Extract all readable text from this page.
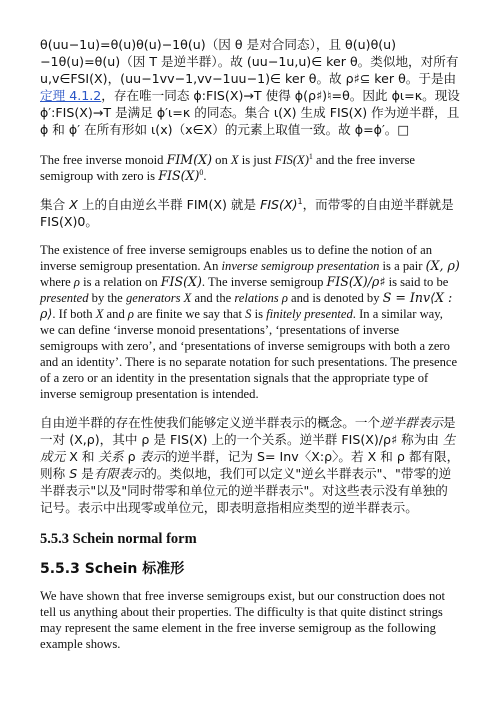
θ(uu−1u)=θ(u)θ(u)−1θ(u)（因 θ 是对合同态），且 θ(u)θ(u)−1θ(u)=θ(u)（因 T 是逆半群）。故 (uu−1u,u)∈ ker θ。类似地，对所有 u,v∈FSI(X)，(uu−1vv−1,vv−1uu−1)∈ ker θ。故 ρ♯⊆ ker θ。于是由 定理 4.1.2，存在唯一同态 ϕ:FIS(X)→T 使得 ϕ(ρ♯)♮=θ。因此 ϕι=κ。现设 ϕ′:FIS(X)→T 是满足 ϕ′ι=κ 的同态。集合 ι(X) 生成 FIS(X) 作为逆半群，且 ϕ 和 ϕ′ 在所有形如 ι(x)（x∈X）的元素上取值一致。故 ϕ=ϕ′。□

The free inverse monoid FIM(X) on X is just $FIS(X)^1$ and the free inverse semigroup with zero is $FIS(X)^0$.

集合 X 上的自由逆幺半群 FIM(X) 就是 $FIS(X)^1$，而带零的自由逆半群就是 FIS(X)0。

The existence of free inverse semigroups enables us to define the notion of an inverse semigroup presentation. An inverse semigroup presentation is a pair (X, ρ) where ρ is a relation on FIS(X). The inverse semigroup FIS(X)/ρ♯ is said to be presented by the generators X and the relations ρ and is denoted by S = Inv⟨X : ρ⟩. If both X and ρ are finite we say that S is finitely presented. In a similar way, we can define ‘inverse monoid presentations’, ‘presentations of inverse semigroups with zero’, and ‘presentations of inverse semigroups with both a zero and an identity’. There is no separate notation for such presentations. The presence of a zero or an identity in the presentation signals that the appropriate type of inverse semigroup presentation is intended.

自由逆半群的存在性使我们能够定义逆半群表示的概念。一个逆半群表示是一对 (X,ρ)，其中 ρ 是 FIS(X) 上的一个关系。逆半群 FIS(X)/ρ♯ 称为由 生成元 X 和 关系 ρ 表示的逆半群，记为 S= Inv〈X:ρ〉。若 X 和 ρ 都有限，则称 S 是有限表示的。类似地，我们可以定义"逆幺半群表示"、"带零的逆半群表示"以及"同时带零和单位元的逆半群表示"。对这些表示没有单独的记号。表示中出现零或单位元，即表明意指相应类型的逆半群表示。

5.5.3 Schein normal form
5.5.3 Schein 标准形

We have shown that free inverse semigroups exist, but our construction does not tell us anything about their properties. The difficulty is that quite distinct strings may represent the same element in the free inverse semigroup as the following example shows.
